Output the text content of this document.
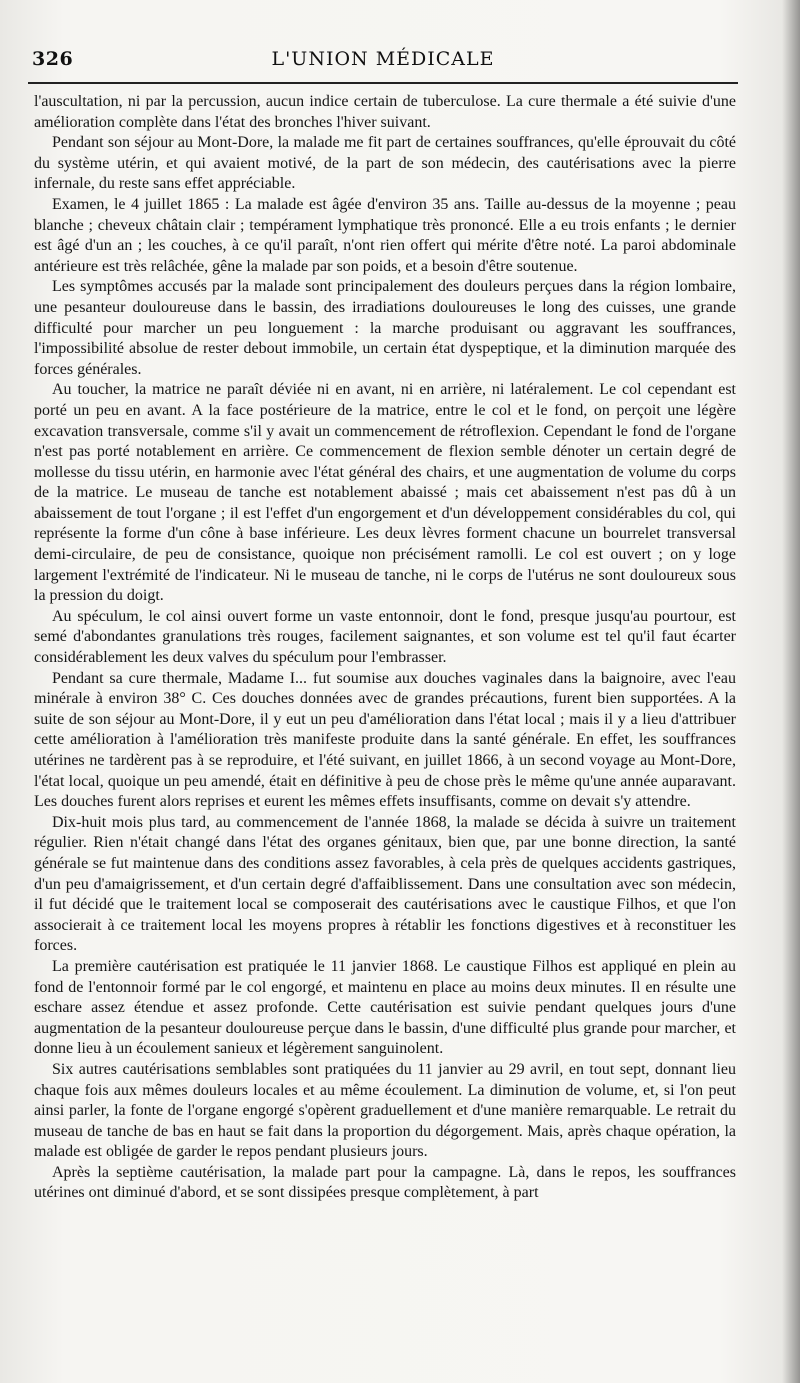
326	L'UNION MÉDICALE

l'auscultation, ni par la percussion, aucun indice certain de tuberculose. La cure thermale a été suivie d'une amélioration complète dans l'état des bronches l'hiver suivant.

Pendant son séjour au Mont-Dore, la malade me fit part de certaines souffrances, qu'elle éprouvait du côté du système utérin, et qui avaient motivé, de la part de son médecin, des cautérisations avec la pierre infernale, du reste sans effet appréciable.

Examen, le 4 juillet 1865 : La malade est âgée d'environ 35 ans. Taille au-dessus de la moyenne ; peau blanche ; cheveux châtain clair ; tempérament lymphatique très prononcé. Elle a eu trois enfants ; le dernier est âgé d'un an ; les couches, à ce qu'il paraît, n'ont rien offert qui mérite d'être noté. La paroi abdominale antérieure est très relâchée, gêne la malade par son poids, et a besoin d'être soutenue.

Les symptômes accusés par la malade sont principalement des douleurs perçues dans la région lombaire, une pesanteur douloureuse dans le bassin, des irradiations douloureuses le long des cuisses, une grande difficulté pour marcher un peu longuement : la marche produisant ou aggravant les souffrances, l'impossibilité absolue de rester debout immobile, un certain état dyspeptique, et la diminution marquée des forces générales.

Au toucher, la matrice ne paraît déviée ni en avant, ni en arrière, ni latéralement. Le col cependant est porté un peu en avant. A la face postérieure de la matrice, entre le col et le fond, on perçoit une légère excavation transversale, comme s'il y avait un commencement de rétroflexion. Cependant le fond de l'organe n'est pas porté notablement en arrière. Ce commencement de flexion semble dénoter un certain degré de mollesse du tissu utérin, en harmonie avec l'état général des chairs, et une augmentation de volume du corps de la matrice. Le museau de tanche est notablement abaissé ; mais cet abaissement n'est pas dû à un abaissement de tout l'organe ; il est l'effet d'un engorgement et d'un développement considérables du col, qui représente la forme d'un cône à base inférieure. Les deux lèvres forment chacune un bourrelet transversal demi-circulaire, de peu de consistance, quoique non précisément ramolli. Le col est ouvert ; on y loge largement l'extrémité de l'indicateur. Ni le museau de tanche, ni le corps de l'utérus ne sont douloureux sous la pression du doigt.

Au spéculum, le col ainsi ouvert forme un vaste entonnoir, dont le fond, presque jusqu'au pourtour, est semé d'abondantes granulations très rouges, facilement saignantes, et son volume est tel qu'il faut écarter considérablement les deux valves du spéculum pour l'embrasser.

Pendant sa cure thermale, Madame I... fut soumise aux douches vaginales dans la baignoire, avec l'eau minérale à environ 38° C. Ces douches données avec de grandes précautions, furent bien supportées. A la suite de son séjour au Mont-Dore, il y eut un peu d'amélioration dans l'état local ; mais il y a lieu d'attribuer cette amélioration à l'amélioration très manifeste produite dans la santé générale. En effet, les souffrances utérines ne tardèrent pas à se reproduire, et l'été suivant, en juillet 1866, à un second voyage au Mont-Dore, l'état local, quoique un peu amendé, était en définitive à peu de chose près le même qu'une année auparavant. Les douches furent alors reprises et eurent les mêmes effets insuffisants, comme on devait s'y attendre.

Dix-huit mois plus tard, au commencement de l'année 1868, la malade se décida à suivre un traitement régulier. Rien n'était changé dans l'état des organes génitaux, bien que, par une bonne direction, la santé générale se fut maintenue dans des conditions assez favorables, à cela près de quelques accidents gastriques, d'un peu d'amaigrissement, et d'un certain degré d'affaiblissement. Dans une consultation avec son médecin, il fut décidé que le traitement local se composerait des cautérisations avec le caustique Filhos, et que l'on associerait à ce traitement local les moyens propres à rétablir les fonctions digestives et à reconstituer les forces.

La première cautérisation est pratiquée le 11 janvier 1868. Le caustique Filhos est appliqué en plein au fond de l'entonnoir formé par le col engorgé, et maintenu en place au moins deux minutes. Il en résulte une eschare assez étendue et assez profonde. Cette cautérisation est suivie pendant quelques jours d'une augmentation de la pesanteur douloureuse perçue dans le bassin, d'une difficulté plus grande pour marcher, et donne lieu à un écoulement sanieux et légèrement sanguinolent.

Six autres cautérisations semblables sont pratiquées du 11 janvier au 29 avril, en tout sept, donnant lieu chaque fois aux mêmes douleurs locales et au même écoulement. La diminution de volume, et, si l'on peut ainsi parler, la fonte de l'organe engorgé s'opèrent graduellement et d'une manière remarquable. Le retrait du museau de tanche de bas en haut se fait dans la proportion du dégorgement. Mais, après chaque opération, la malade est obligée de garder le repos pendant plusieurs jours.

Après la septième cautérisation, la malade part pour la campagne. Là, dans le repos, les souffrances utérines ont diminué d'abord, et se sont dissipées presque complètement, à part
